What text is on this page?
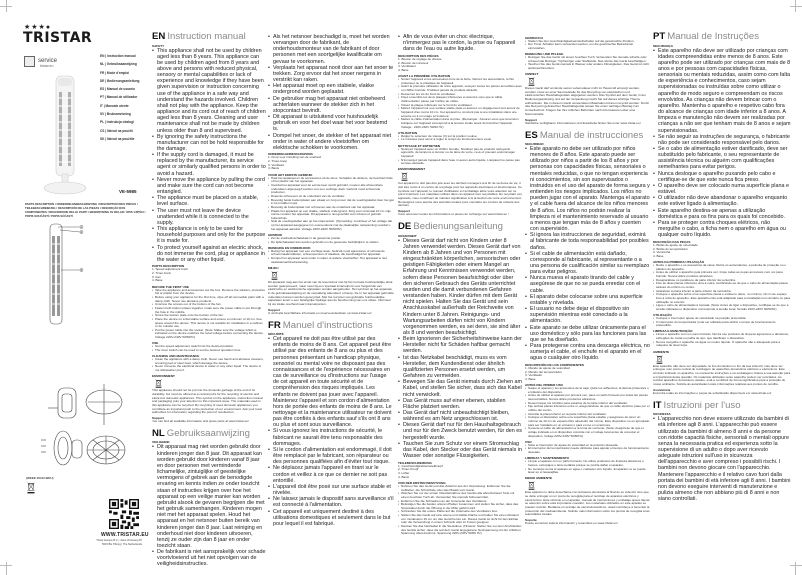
★★★●
TRISTAR
service
tristar.eu
EN | Instruction manual
NL | Gebruiksaanwijzing
FR | Mode d'emploi
DE | Bedienungsanleitung
ES | Manual de usuario
PT | Manual de utilizador
IT | Manuale utente
SV | Bruksanvisning
PL | Instrukcja obsługi
CS | Návod na použití
SK | Návod na použitie
VE-5985
PARTS DESCRIPTION / ONDERDELENBESCHRIJVING / DESCRIPTION DES PIÈCES / TEILEBESCHREIBUNG / DESCRIPCIÓN DE LAS PIEZAS / DESCRIÇÃO DOS COMPONENTES / DESCRIZIONE DELLE PARTI / BESKRIVNING AV DELAR / OPIS CZĘŚCI / POPIS SOUČÁSTÍ / POPIS SÚČASTÍ
1
2
3
(WEEE 2012/19/EU)
WWW.TRISTAR.EU
Tristar Europe B.V. | Jules Verneweg 87
5015 BH Tilburg | The Netherlands
EN Instruction manual
SAFETY
• This appliance shall not be used by children aged less than 8 years. This appliance can be used by children aged from 8 years and above and persons with reduced physical, sensory or mental capabilities or lack of experience and knowledge if they have been given supervision or instruction concerning use of the appliance in a safe way and understand the hazards involved. Children shall not play with the appliance. Keep the appliance and its cord out of reach of children aged less than 8 years. Cleaning and user maintenance shall not be made by children unless older than 8 and supervised.
• By ignoring the safety instructions the manufacturer can not be hold responsible for the damage.
• If the supply cord is damaged, it must be replaced by the manufacturer, its service agent or similarly qualified persons in order to avoid a hazard.
• Never move the appliance by pulling the cord and make sure the cord can not become entangled.
• The appliance must be placed on a stable, level surface.
• The user must not leave the device unattended while it is connected to the supply.
• This appliance is only to be used for household purposes and only for the purpose it is made for.
• To protect yourself against an electric shock, do not immerse the cord, plug or appliance in the water or any other liquid.
PARTS DESCRIPTION
1. Speed adjustment knob
2. Timer knob
3. Fan
4. Base
BEFORE THE FIRST USE
• Take the appliance and accessories out the box. Remove the stickers, protective foil or plastic from the device.
• Before using your appliance for the first time, wipe off all removable parts with a damp cloth. Never use abrasive products.
• Unscrew the screws out of the bottom of the fan.
• Fasten both bottom plates together, make sure the power cable is put through the hole in the middle.
• Screw the bottom plate onto the bottom of the fan.
• Place the device on a flat stable surface and ensure a minimum of 10 cm. free space around the device. This device is not suitable for installation in a cabinet or for outside use.
• Put the power cable into the socket. (Note: Make sure the voltage which is indicated on the device matches the local voltage before connecting the device. Voltage 220V-240V 50/60Hz)
USE
• Set the speed adjustment switch into the desired position.
• The timer switch can be used to set the desired operation time.
CLEANING AND MAINTENANCE
• Clean the appliance with a damp cloth. Never use harsh and abrasive cleaners, scouring pad or steel wool, which damage the device.
• Never immerse the electrical device in water or any other liquid. The device is not dishwasher proof.
ENVIRONMENT
This appliance should not be put into the domestic garbage at the end of its durability, but must be offered at a central point for the recycling of electric and electronic domestic appliances. This symbol on the appliance, instruction manual and packaging puts your attention to this important issue. The materials used in this appliance can be recycled. By recycling of used domestic appliances you contribute an important push to the protection of our environment. Ask your local authorities for information regarding the point of recollection.
Support
You can find all available information and spare parts at www.tristar.eu!
NL Gebruiksaanwijzing
VEILIGHEID
• Dit apparaat mag niet worden gebruikt door kinderen jonger dan 8 jaar. Dit apparaat kan worden gebruikt door kinderen vanaf 8 jaar en door personen met verminderde lichamelijke, zintuiglijke of geestelijke vermogens of gebrek aan de benodigde ervaring en kennis indien ze onder toezicht staan of instructies krijgen over hoe het apparaat op een veilige manier kan worden gebruikt alsook de gevaren begrijpen die met het gebruik samenhangen. Kinderen mogen niet met het apparaat spelen. Houd het apparaat en het netsnoer buiten bereik van kinderen jonger dan 8 jaar. Laat reiniging en onderhoud niet door kinderen uitvoeren, tenzij ze ouder zijn dan 8 jaar en onder toezicht staan.
• De fabrikant is niet aansprakelijk voor schade voortvloeiend uit het niet opvolgen van de veiligheidsinstructies.
• Als het netsnoer beschadigd is, moet het worden vervangen door de fabrikant, de onderhoudsmonteur van de fabrikant of door personen met een soortgelijke kwalificatie om gevaar te voorkomen.
• Verplaats het apparaat nooit door aan het snoer te trekken. Zorg ervoor dat het snoer nergens in verstrikt kan raken.
• Het apparaat moet op een stabiele, vlakke ondergrond worden geplaatst.
• De gebruiker mag het apparaat niet onbeheerd achterlaten wanneer de stekker zich in het stopcontact bevindt.
• Dit apparaat is uitsluitend voor huishoudelijk gebruik en voor het doel waar het voor bestemd is.
• Dompel het snoer, de stekker of het apparaat niet onder in water of andere vloeistoffen om elektrische schokken te voorkomen.
ONDERDELENBESCHRIJVING
1. Knop voor instelling van de snelheid
2. Timer-knop
3. Ventilator
4. Basis
VOOR HET EERSTE GEBRUIK
• Haal het apparaat en de accessoires uit de doos. Verwijder de stickers, de beschermfolie of het plastic van het apparaat.
• Voordat het apparaat voor de eerste keer wordt gebruikt, moeten alle afneembare onderdelen afgeveegd worden met een vochtige doek. Gebruik nooit schurende producten.
• Draai de schroeven uit de onderkant van de ventilator.
• Bevestig beide bodemplaten aan elkaar en zorg ervoor dat de voedingskabel door het gat in het midden loopt.
• Bevestig de bodemplaat met schroeven aan de onderkant van het apparaat.
• Plaats het apparaat op een vlakke, stabiele ondergrond. Zorg voor minimaal 10 cm vrije ruimte rondom het apparaat. Dit apparaat is niet geschikt voor inbouw of gebruik buitenshuis.
• Sluit de voedingskabel aan op het stopcontact. (Opmerking: controleer of het voltage dat op het apparaat aangegeven is overeenkomt met de plaatselijke netspanning voordat u het apparaat aansluit. Voltage 220V-240V 50/60Hz)
GEBRUIK
• Zet de snelheidsschakelaar in de gewenste positie.
• De tijdschakelaar kan worden gebruikt om de gewenste bedrijfstijd in te stellen.
REINIGING EN ONDERHOUD
• Reinig het apparaat met een vochtige doek. Gebruik nooit agressieve of schurende schoonmaakmiddelen, schuursponsen of staalwol, die beschadigd het apparaat.
• Dompel het apparaat nooit onder in water of andere vloeistoffen. Het apparaat is niet vaatwasmachinebestendig.
MILIEU
Dit apparaat mag aan het einde van de levensduur niet bij het normale huishoudelijke afval worden gedeponeerd, maar moet bij een speciaal inzamelpunt voor hergebruik van elektrische en elektronische apparaten worden aangeboden. Het symbool op het apparaat, in de gebruiksaanwijzing en de verpakking attendeert u hierop. De in het apparaat gebruikte materialen kunnen worden gerecycled. Met het recyclen van gebruikte huishoudelijke apparaten levert u een belangrijke bijdrage aan de bescherming van ons milieu. Informeer bij uw lokale overheid naar inzamelpunten.
Support
U vindt alle beschikbare informatie en reserveonderdelen op www.tristar.eu!
FR Manuel d'instructions
SÉCURITÉ
• Cet appareil ne doit pas être utilisé par des enfants de moins de 8 ans. Cet appareil peut être utilisé par des enfants de 8 ans ou plus et des personnes présentant un handicap physique, sensoriel ou mental voire ne disposant pas des connaissances et de l'expérience nécessaires en cas de surveillance ou d'instructions sur l'usage de cet appareil en toute sécurité et de compréhension des risques impliqués. Les enfants ne doivent pas jouer avec l'appareil. Maintenez l'appareil et son cordon d'alimentation hors de portée des enfants de moins de 8 ans. Le nettoyage et la maintenance utilisateur ne doivent pas être confiés à des enfants sauf s'ils ont 8 ans ou plus et sont sous surveillance.
• Si vous ignorez les instructions de sécurité, le fabricant ne saurait être tenu responsable des dommages.
• Si le cordon d'alimentation est endommagé, il doit être remplacé par le fabricant, son réparateur ou des personnes qualifiées afin d'éviter tout risque.
• Ne déplacez jamais l'appareil en tirant sur le cordon et veillez à ce que ce dernier ne soit pas entortillé.
• L'appareil doit être posé sur une surface stable et nivelée.
• Ne laissez jamais le dispositif sans surveillance s'il est connecté à l'alimentation.
• Cet appareil est uniquement destiné à des utilisations domestiques et seulement dans le but pour lequel il est fabriqué.
• Afin de vous éviter un choc électrique, n'immergez pas le cordon, la prise ou l'appareil dans de l'eau ou autre liquide.
DESCRIPTION DES PIÈCES
1. Bouton de réglage de vitesse
2. Bouton de minuteur
3. Ventilateur
4. Base
AVANT LA PREMIÈRE UTILISATION
• Sortez l'appareil et les accessoires hors de la boîte. Retirez les autocollants, le film protecteur ou le plastique de l'appareil.
• Avant la première utilisation de votre appareil, essuyez toutes les pièces amovibles avec un chiffon humide. N'utilisez jamais de produits abrasifs.
• Desserrez les vis du fond du ventilateur.
• Fixez ensemble les deux plaques inférieures et assurez-vous que le câble d'alimentation passe par l'orifice au milieu.
• Vissez la plaque inférieure sur le fond du ventilateur.
• Mettez l'appareil sur une surface stable plate et assurez un dégagement tout autour de l'appareil d'au moins 10 cm. Cet appareil ne convient pas à une installation dans une armoire ou à un usage à l'extérieur.
• Mettez le câble d'alimentation dans la prise. (Remarque : Assurez-vous que la tension indiquée sur l'appareil correspond à la tension locale avant de brancher l'appareil. Voltage : 220V-240V 50/60 Hz)
UTILISATION
• Réglez le sélecteur de vitesse (3) sur la position voulue.
• Le minuteur peut servir à régler le temps de fonctionnement voulu.
NETTOYAGE ET ENTRETIEN
• Nettoyez l'appareil avec un chiffon humide. N'utilisez pas de produits nettoyants agressifs, de tampons à récurer ou de laine de verre, ceux-ci pouvant endommager l'appareil.
• N'immergez jamais l'appareil dans l'eau ni aucun autre liquide. L'appareil ne passe pas au lave-vaisselle.
ENVIRONNEMENT
Cet appareil ne doit pas être jeté avec les déchets ménagers à la fin de sa durée de vie, il doit être remis à un centre de recyclage pour les appareils électriques et électroniques. Ce symbole sur l'appareil, le manuel d'utilisation et l'emballage attire votre attention sur ce point important. Les matériaux utilisés dans cet appareil sont recyclables. En recyclant vos appareils, vous contribuez de manière significative à la protection de notre environnement. Renseignez-vous auprès des autorités locales pour connaître les centres de collecte des déchets.
Support
Vous retrouvez toutes les informations et pièces de rechange sur www.tristar.eu !
DE Bedienungsanleitung
SICHERHEIT
• Dieses Gerät darf nicht von Kindern unter 8 Jahren verwendet werden. Dieses Gerät darf von Kindern ab 8 Jahren und von Personen mit eingeschränkten körperlichen, sensorischen oder geistigen Fähigkeiten oder einem Mangel an Erfahrung und Kenntnissen verwendet werden, sofern diese Personen beaufsichtigt oder über den sicheren Gebrauch des Geräts unterrichtet wurden und die damit verbundenen Gefahren verstanden haben. Kinder dürfen mit dem Gerät nicht spielen. Halten Sie das Gerät und sein Anschlusskabel außerhalb der Reichweite von Kindern unter 8 Jahren. Reinigungs- und Wartungsarbeiten dürfen nicht von Kindern vorgenommen werden, es sei denn, sie sind älter als 8 und werden beaufsichtigt.
• Beim Ignorieren der Sicherheitshinweise kann der Hersteller nicht für Schäden haftbar gemacht werden.
• Ist das Netzkabel beschädigt, muss es vom Hersteller, dem Kundendienst oder ähnlich qualifizierten Personen ersetzt werden, um Gefahren zu vermeiden.
• Bewegen Sie das Gerät niemals durch Ziehen am Kabel, und stellen Sie sicher, dass sich das Kabel nicht verwickelt.
• Das Gerät muss auf einer ebenen, stabilen Fläche platziert werden.
• Das Gerät darf nicht unbeaufsichtigt bleiben, während es am Netz angeschlossen ist.
• Dieses Gerät darf nur für den Haushaltsgebrauch und nur für den Zweck benutzt werden, für den es hergestellt wurde.
• Tauchen Sie zum Schutz vor einem Stromschlag das Kabel, den Stecker oder das Gerät niemals in Wasser oder sonstige Flüssigkeiten.
TEILEBESCHREIBUNG
1. Geschwindigkeitseinstellknopf
2. Timer-Knopf
3. Lüfter
4. Basis
VOR DER ERSTEN BENUTZUNG
• Nehmen Sie das Gerät und das Zubehör aus der Verpackung. Entfernen Sie die Aufkleber, die Schutzfolie oder das Plastik vom Gerät.
• Wischen Sie vor der ersten Inbetriebnahme des Geräts alle abnehmbaren Teile mit einem feuchten Tuch ab. Verwenden Sie niemals Scheuermittel.
• Entfernen Sie die Schrauben an der Unterseite des Ventilators.
• Befestigen Sie die beiden unteren Platten zusammen und stellen Sie sicher, dass das Stromkabel durch die Öffnung in der Mitte geführt wird.
• Schrauben Sie die untere Platte auf die Unterseite des Ventilators fest.
• Stellen Sie das Gerät auf eine ebene und stabile Fläche und halten Sie einen Abstand von mindestens 10 cm um das Gerät herum ein. Dieses Gerät ist nicht für den Einbau oder die Verwendung in einem Schrank oder im Freien geeignet.
• Stecken Sie das Netzkabel in die Steckdose. (Hinweis: Stellen Sie vor dem Anschließen des Geräts sicher, dass die auf dem Gerät angegebene Netzspannung mit der örtlichen Spannung übereinstimmt. Spannung 220V-240V 50/60 Hz)
GEBRAUCH
• Stellen Sie den Geschwindigkeitseinstellschalter auf die gewünschte Position.
• Der Timer-Schalter kann verwendet werden, um die gewünschte Betriebszeit einzustellen.
REINIGUNG UND PFLEGE
• Reinigen Sie das Gerät mit einem feuchten Tuch. Verwenden Sie niemals scharfe oder scheuernde Reiniger, Topfreiniger oder Stahlwolle. Das würde das Gerät beschädigen.
• Tauchen Sie das Gerät niemals in Wasser oder andere Flüssigkeiten. Das Gerät ist nicht spülmaschinenfest.
UMWELT
Dieses Gerät darf am Ende seiner Lebensdauer nicht im Hausmüll entsorgt werden, sondern muss an einer Sammelstelle für das Recycling von elektrischen und elektronischen Haushaltsgeräten abgegeben werden. Das Symbol auf dem Gerät, in der Bedienungsanleitung und auf der Verpackung macht Sie auf dieses wichtige Thema aufmerksam. Die in diesem Gerät verwendeten Materialien können recycelt werden. Durch das Recyceln gebrauchter Haushaltsgeräte leisten Sie einen wichtigen Beitrag zum Umweltschutz. Fragen Sie Ihre örtlichen Behörden nach Informationen über eine Sammelstelle.
Support
Sämtliche verfügbaren Informationen und Ersatzteile finden Sie unter www.tristar.eu!
ES Manual de instrucciones
SEGURIDAD
• Este aparato no debe ser utilizado por niños menores de 8 años. Este aparato puede ser utilizado por niños a partir de los 8 años y por personas con capacidades físicas, sensoriales o mentales reducidas, o que no tengan experiencia ni conocimientos, sin son supervisados o instruidos en el uso del aparato de forma segura y entienden los riesgos implicados. Los niños no pueden jugar con el aparato. Mantenga el aparato y el cable fuera del alcance de los niños menores de 8 años. Los niños no podrán realizar la limpieza ni el mantenimiento reservado al usuario a menos que tengan más de 8 años y cuenten con supervisión.
• Si ignora las instrucciones de seguridad, eximirá al fabricante de toda responsabilidad por posibles daños.
• Si el cable de alimentación está dañado, corresponde al fabricante, al representante o a una persona de cualificación similar su reemplazo para evitar peligros.
• Nunca mueva el aparato tirando del cable y asegúrese de que no se pueda enredar con el cable.
• El aparato debe colocarse sobre una superficie estable y nivelada.
• El usuario no debe dejar el dispositivo sin supervisión mientras esté conectado a la alimentación.
• Este aparato se debe utilizar únicamente para el uso doméstico y sólo para las funciones para las que se ha diseñado.
• Para protegerse contra una descarga eléctrica, no sumerja el cable, el enchufe ni el aparato en el agua o cualquier otro líquido.
DESCRIPCIÓN DE LOS COMPONENTES
1. Mando de ajuste de velocidad
2. Mando del temporizador
3. Ventilador
4. Base
ANTES DEL PRIMER USO
• Saque el aparato y los accesorios de la caja. Quite los adhesivos, la lámina protectora o el plástico del dispositivo.
• Antes de utilizar el aparato por primera vez, pase un paño húmedo por todas las piezas desmontables. Nunca utilice productos abrasivos.
• Desenrosque los tornillos para sacarlos de la parte inferior del ventilador.
• Fije ambas placas inferiores entre sí, asegurándose de que el cable eléctrico pase por el orificio del centro.
• Atornille la placa inferior en la parte inferior del ventilador.
• Coloque el dispositivo sobre una superficie plana estable y asegúrese de tener un mínimo de 10 cm de espacio libre alrededor del mismo. Este dispositivo no es apropiado para ser instalado en un armario o para el uso en exteriores.
• Conecte el cable de alimentación a la toma de corriente. (Nota: Asegúrese de que el voltaje indicado en el dispositivo coincide con el voltaje local antes de conectar el dispositivo. Voltaje 220V-240V 50/60Hz)
USO
• Sitúe el interruptor de ajuste de velocidad en la posición deseada.
• El interruptor del temporizador puede utilizarse para ajustar el tiempo de funcionamiento deseado.
LIMPIEZA Y MANTENIMIENTO
• Limpie el aparato con un paño húmedo. No utilice productos de limpieza abrasivos o fuertes, estropajos o lana metálica porque se podría dañar el aparato.
• No sumerja nunca el aparato en agua o cualquier otro líquido. El aparato no se puede lavar en el lavavajillas.
MEDIO AMBIENTE
Este aparato no debe desecharse con la basura doméstica al final de su vida útil, sino que se debe entregar en un punto de recogida para el reciclaje de aparatos eléctricos y electrónicos. Este símbolo en el aparato, manual de instrucciones y embalaje quiere llamar su atención sobre esta importante cuestión. Los materiales utilizados en este aparato se pueden reciclar. Mediante el reciclaje de electrodomésticos, usted contribuye a fomentar la protección del medioambiente. Solicite más información sobre los puntos de recogida a las autoridades locales.
Soporte
Puede encontrar toda la información y recambios en www.tristar.eu!
PT Manual de Instruções
SEGURANÇA
• Este aparelho não deve ser utilizado por crianças com idades compreendidas entre menos de 8 anos. Este aparelho pode ser utilizado por crianças com mais de 8 anos e por pessoas com capacidades físicas, sensoriais ou mentais reduzidas, assim como com falta de experiência e conhecimentos, caso sejam supervisionadas ou instruídas sobre como utilizar o aparelho de modo seguro e compreendam os riscos envolvidos. As crianças não devem brincar com o aparelho. Mantenha o aparelho e respetivo cabo fora do alcance de crianças com idade inferior a 8 anos. A limpeza e manutenção não devem ser realizadas por crianças a não ser que tenham mais de 8 anos e sejam supervisionadas.
• Se não seguir as instruções de segurança, o fabricante não pode ser considerado responsável pelo danos.
• Se o cabo de alimentação estiver danificado, deve ser substituído pelo fabricante, o seu representante de assistência técnica ou alguém com qualificações semelhantes para evitar perigos.
• Nunca desloque o aparelho puxando pelo cabo e certifique-se de que este nunca fica preso.
• O aparelho deve ser colocado numa superfície plana e estável.
• O utilizador não deve abandonar o aparelho enquanto este estiver ligado à alimentação.
• Este aparelho destina-se apenas a utilização doméstica e para os fins para os quais foi concebido.
• Para se proteger contra choques elétricos, não mergulhe o cabo, a ficha nem o aparelho em água ou qualquer outro líquido.
DESCRIÇÃO DAS PEÇAS
1. Botão de ajuste de velocidade
2. Botão do temporizador
3. Ventoinha
4. Base
ANTES DA PRIMEIRA UTILIZAÇÃO
• Retire o aparelho e os acessórios da caixa. Retire os autocolantes, a película de proteção ou o plástico do aparelho.
• Antes de utilizar o aparelho pela primeira vez, limpe todas as peças amovíveis com um pano húmido. Nunca utilize produtos abrasivos.
• Desaparafuse os parafusos da parte inferior da ventoinha.
• Fixe as duas placas inferiores uma à outra, certificando-se de que o cabo de alimentação passa através do orifício no centro.
• Aparafuse a placa inferior à parte inferior da ventoinha.
• Coloque o aparelho sobre uma superfície plana e estável e deixe, no mínimo, 10 cm de espaço livre à volta do aparelho. Este aparelho não está adaptado para a instalação num armário ou para utilização no exterior.
• Ligue o cabo de alimentação à tomada. (Nota: Antes de ligar o dispositivo, certifique-se de que a tensão indicada no dispositivo corresponde à tensão local. Tensão 220V-240V 50/60Hz)
UTILIZAÇÃO
• Coloque o interruptor ajuste de velocidade na posição pretendida.
• O interruptor do temporizador pode ser utilizado para definir o tempo de funcionamento pretendido.
LIMPEZA E MANUTENÇÃO
• Limpe o aparelho com um pano húmido. Nunca use produtos de limpeza agressivos e abrasivos, esfregões de metal ou palha de aço, que danificam o dispositivo.
• Nunca mergulhe o aparelho na água ou noutro líquido. O aparelho não é adequado para a máquina de lavar loiça.
AMBIENTE
Este aparelho não deve ser depositado no lixo doméstico no fim da sua vida útil, mas deve ser entregue num ponto central de reciclagem de aparelhos domésticos elétricos e eletrónicos. Este símbolo indicado no aparelho, no manual de instruções e na embalagem chama a sua atenção para a importância desta questão. Os materiais utilizados neste aparelho podem ser reciclados. Ao reciclar aparelhos domésticos usados, está a contribuir de forma significativa para a proteção do nosso ambiente. Solicite às autoridades locais informações relativas aos pontos de recolha.
Assistência
Encontra todas as informações e peças de substituição disponíveis em www.tristar.eu!
IT Istruzioni per l'uso
SICUREZZA
• L'apparecchio non deve essere utilizzato da bambini di età inferiore agli 8 anni. L'apparecchio può essere utilizzato da bambini di almeno 8 anni e da persone con ridotte capacità fisiche, sensoriali o mentali oppure senza la necessaria pratica ed esperienza sotto la supervisione di un adulto o dopo aver ricevuto adeguate istruzioni sull'uso in sicurezza dell'apparecchio e aver compreso i possibili rischi. I bambini non devono giocare con l'apparecchio. Mantenere l'apparecchio e il relativo cavo fuori dalla portata dei bambini di età inferiore agli 8 anni. I bambini non devono eseguire interventi di manutenzione e pulizia almeno che non abbiano più di 8 anni e non siano controllati.
